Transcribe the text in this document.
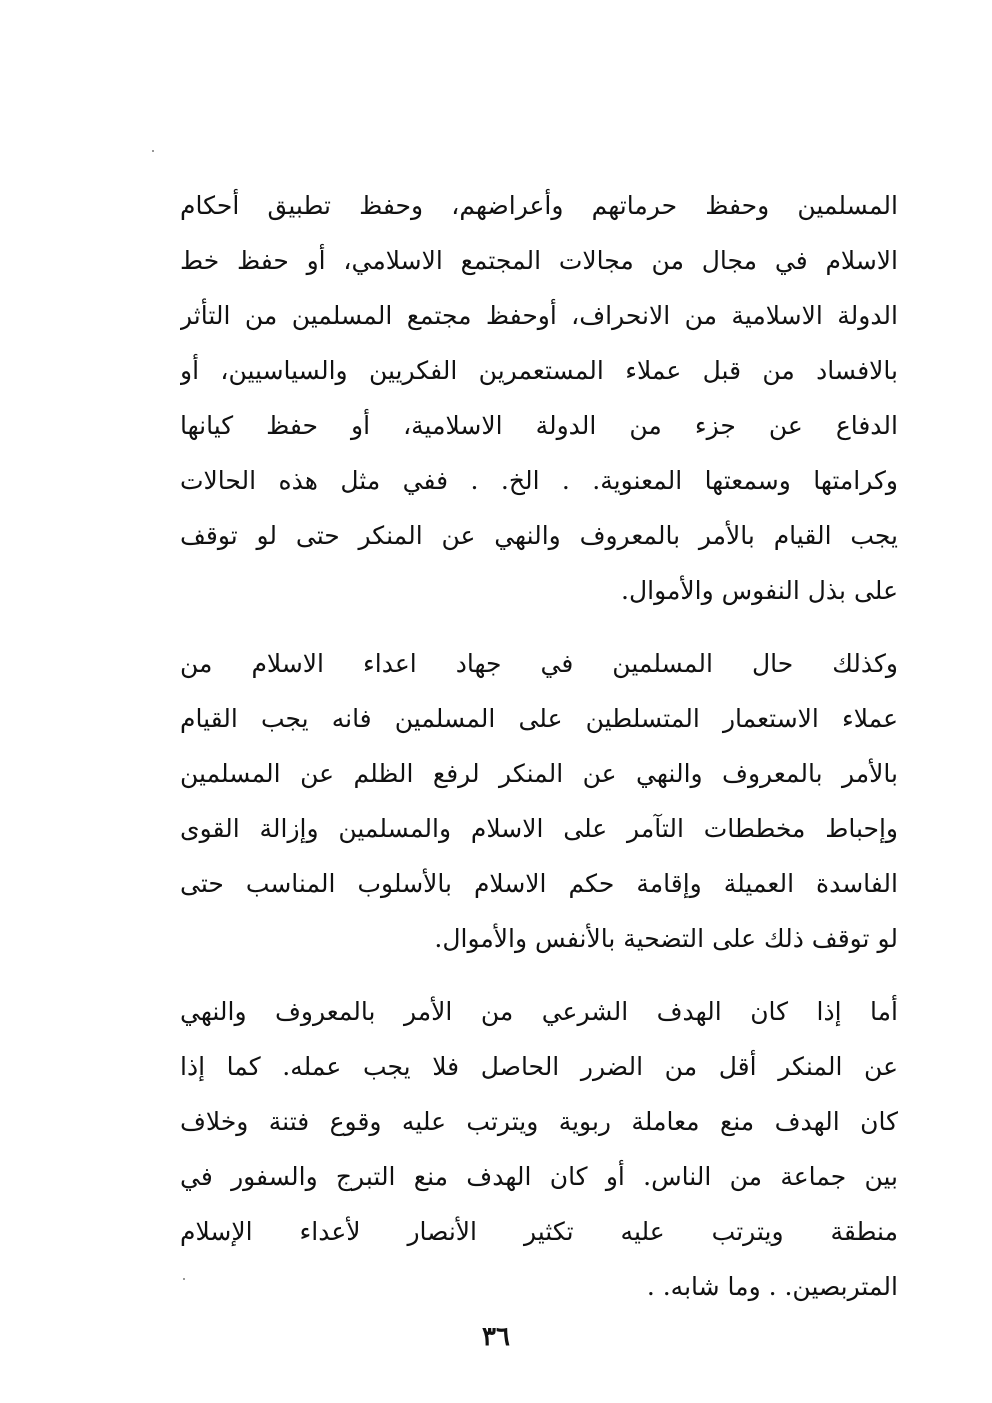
المسلمين وحفظ حرماتهم وأعراضهم، وحفظ تطبيق أحكام
الاسلام في مجال من مجالات المجتمع الاسلامي، أو حفظ خط
الدولة الاسلامية من الانحراف، أوحفظ مجتمع المسلمين من التأثر
بالافساد من قبل عملاء المستعمرين الفكريين والسياسيين، أو
الدفاع عن جزء من الدولة الاسلامية، أو حفظ كيانها
وكرامتها وسمعتها المعنوية. . الخ. . ففي مثل هذه الحالات
يجب القيام بالأمر بالمعروف والنهي عن المنكر حتى لو توقف
على بذل النفوس والأموال.
وكذلك حال المسلمين في جهاد اعداء الاسلام من
عملاء الاستعمار المتسلطين على المسلمين فانه يجب القيام
بالأمر بالمعروف والنهي عن المنكر لرفع الظلم عن المسلمين
وإحباط مخططات التآمر على الاسلام والمسلمين وإزالة القوى
الفاسدة العميلة وإقامة حكم الاسلام بالأسلوب المناسب حتى
لو توقف ذلك على التضحية بالأنفس والأموال.
أما إذا كان الهدف الشرعي من الأمر بالمعروف والنهي
عن المنكر أقل من الضرر الحاصل فلا يجب عمله. كما إذا
كان الهدف منع معاملة ربوية ويترتب عليه وقوع فتنة وخلاف
بين جماعة من الناس. أو كان الهدف منع التبرج والسفور في
منطقة ويترتب عليه تكثير الأنصار لأعداء الإسلام
المتربصين. . وما شابه. .
٣٦
